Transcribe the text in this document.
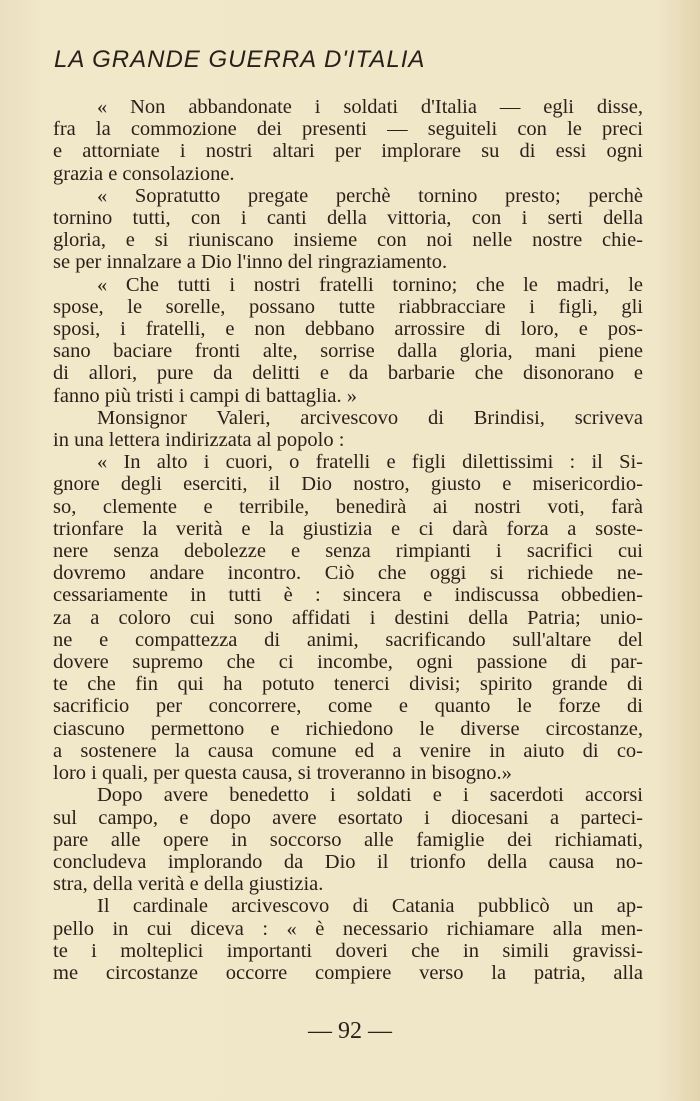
LA GRANDE GUERRA D'ITALIA
« Non abbandonate i soldati d'Italia — egli disse,
fra la commozione dei presenti — seguiteli con le preci
e attorniate i nostri altari per implorare su di essi ogni
grazia e consolazione.
« Sopratutto pregate perchè tornino presto; perchè
tornino tutti, con i canti della vittoria, con i serti della
gloria, e si riuniscano insieme con noi nelle nostre chie-
se per innalzare a Dio l'inno del ringraziamento.
« Che tutti i nostri fratelli tornino; che le madri, le
spose, le sorelle, possano tutte riabbracciare i figli, gli
sposi, i fratelli, e non debbano arrossire di loro, e pos-
sano baciare fronti alte, sorrise dalla gloria, mani piene
di allori, pure da delitti e da barbarie che disonorano e
fanno più tristi i campi di battaglia. »
Monsignor Valeri, arcivescovo di Brindisi, scriveva
in una lettera indirizzata al popolo :
« In alto i cuori, o fratelli e figli dilettissimi : il Si-
gnore degli eserciti, il Dio nostro, giusto e misericordio-
so, clemente e terribile, benedirà ai nostri voti, farà
trionfare la verità e la giustizia e ci darà forza a soste-
nere senza debolezze e senza rimpianti i sacrifici cui
dovremo andare incontro. Ciò che oggi si richiede ne-
cessariamente in tutti è : sincera e indiscussa obbedien-
za a coloro cui sono affidati i destini della Patria; unio-
ne e compattezza di animi, sacrificando sull'altare del
dovere supremo che ci incombe, ogni passione di par-
te che fin qui ha potuto tenerci divisi; spirito grande di
sacrificio per concorrere, come e quanto le forze di
ciascuno permettono e richiedono le diverse circostanze,
a sostenere la causa comune ed a venire in aiuto di co-
loro i quali, per questa causa, si troveranno in bisogno.»
Dopo avere benedetto i soldati e i sacerdoti accorsi
sul campo, e dopo avere esortato i diocesani a parteci-
pare alle opere in soccorso alle famiglie dei richiamati,
concludeva implorando da Dio il trionfo della causa no-
stra, della verità e della giustizia.
Il cardinale arcivescovo di Catania pubblicò un ap-
pello in cui diceva : « è necessario richiamare alla men-
te i molteplici importanti doveri che in simili gravissi-
me circostanze occorre compiere verso la patria, alla
— 92 —
